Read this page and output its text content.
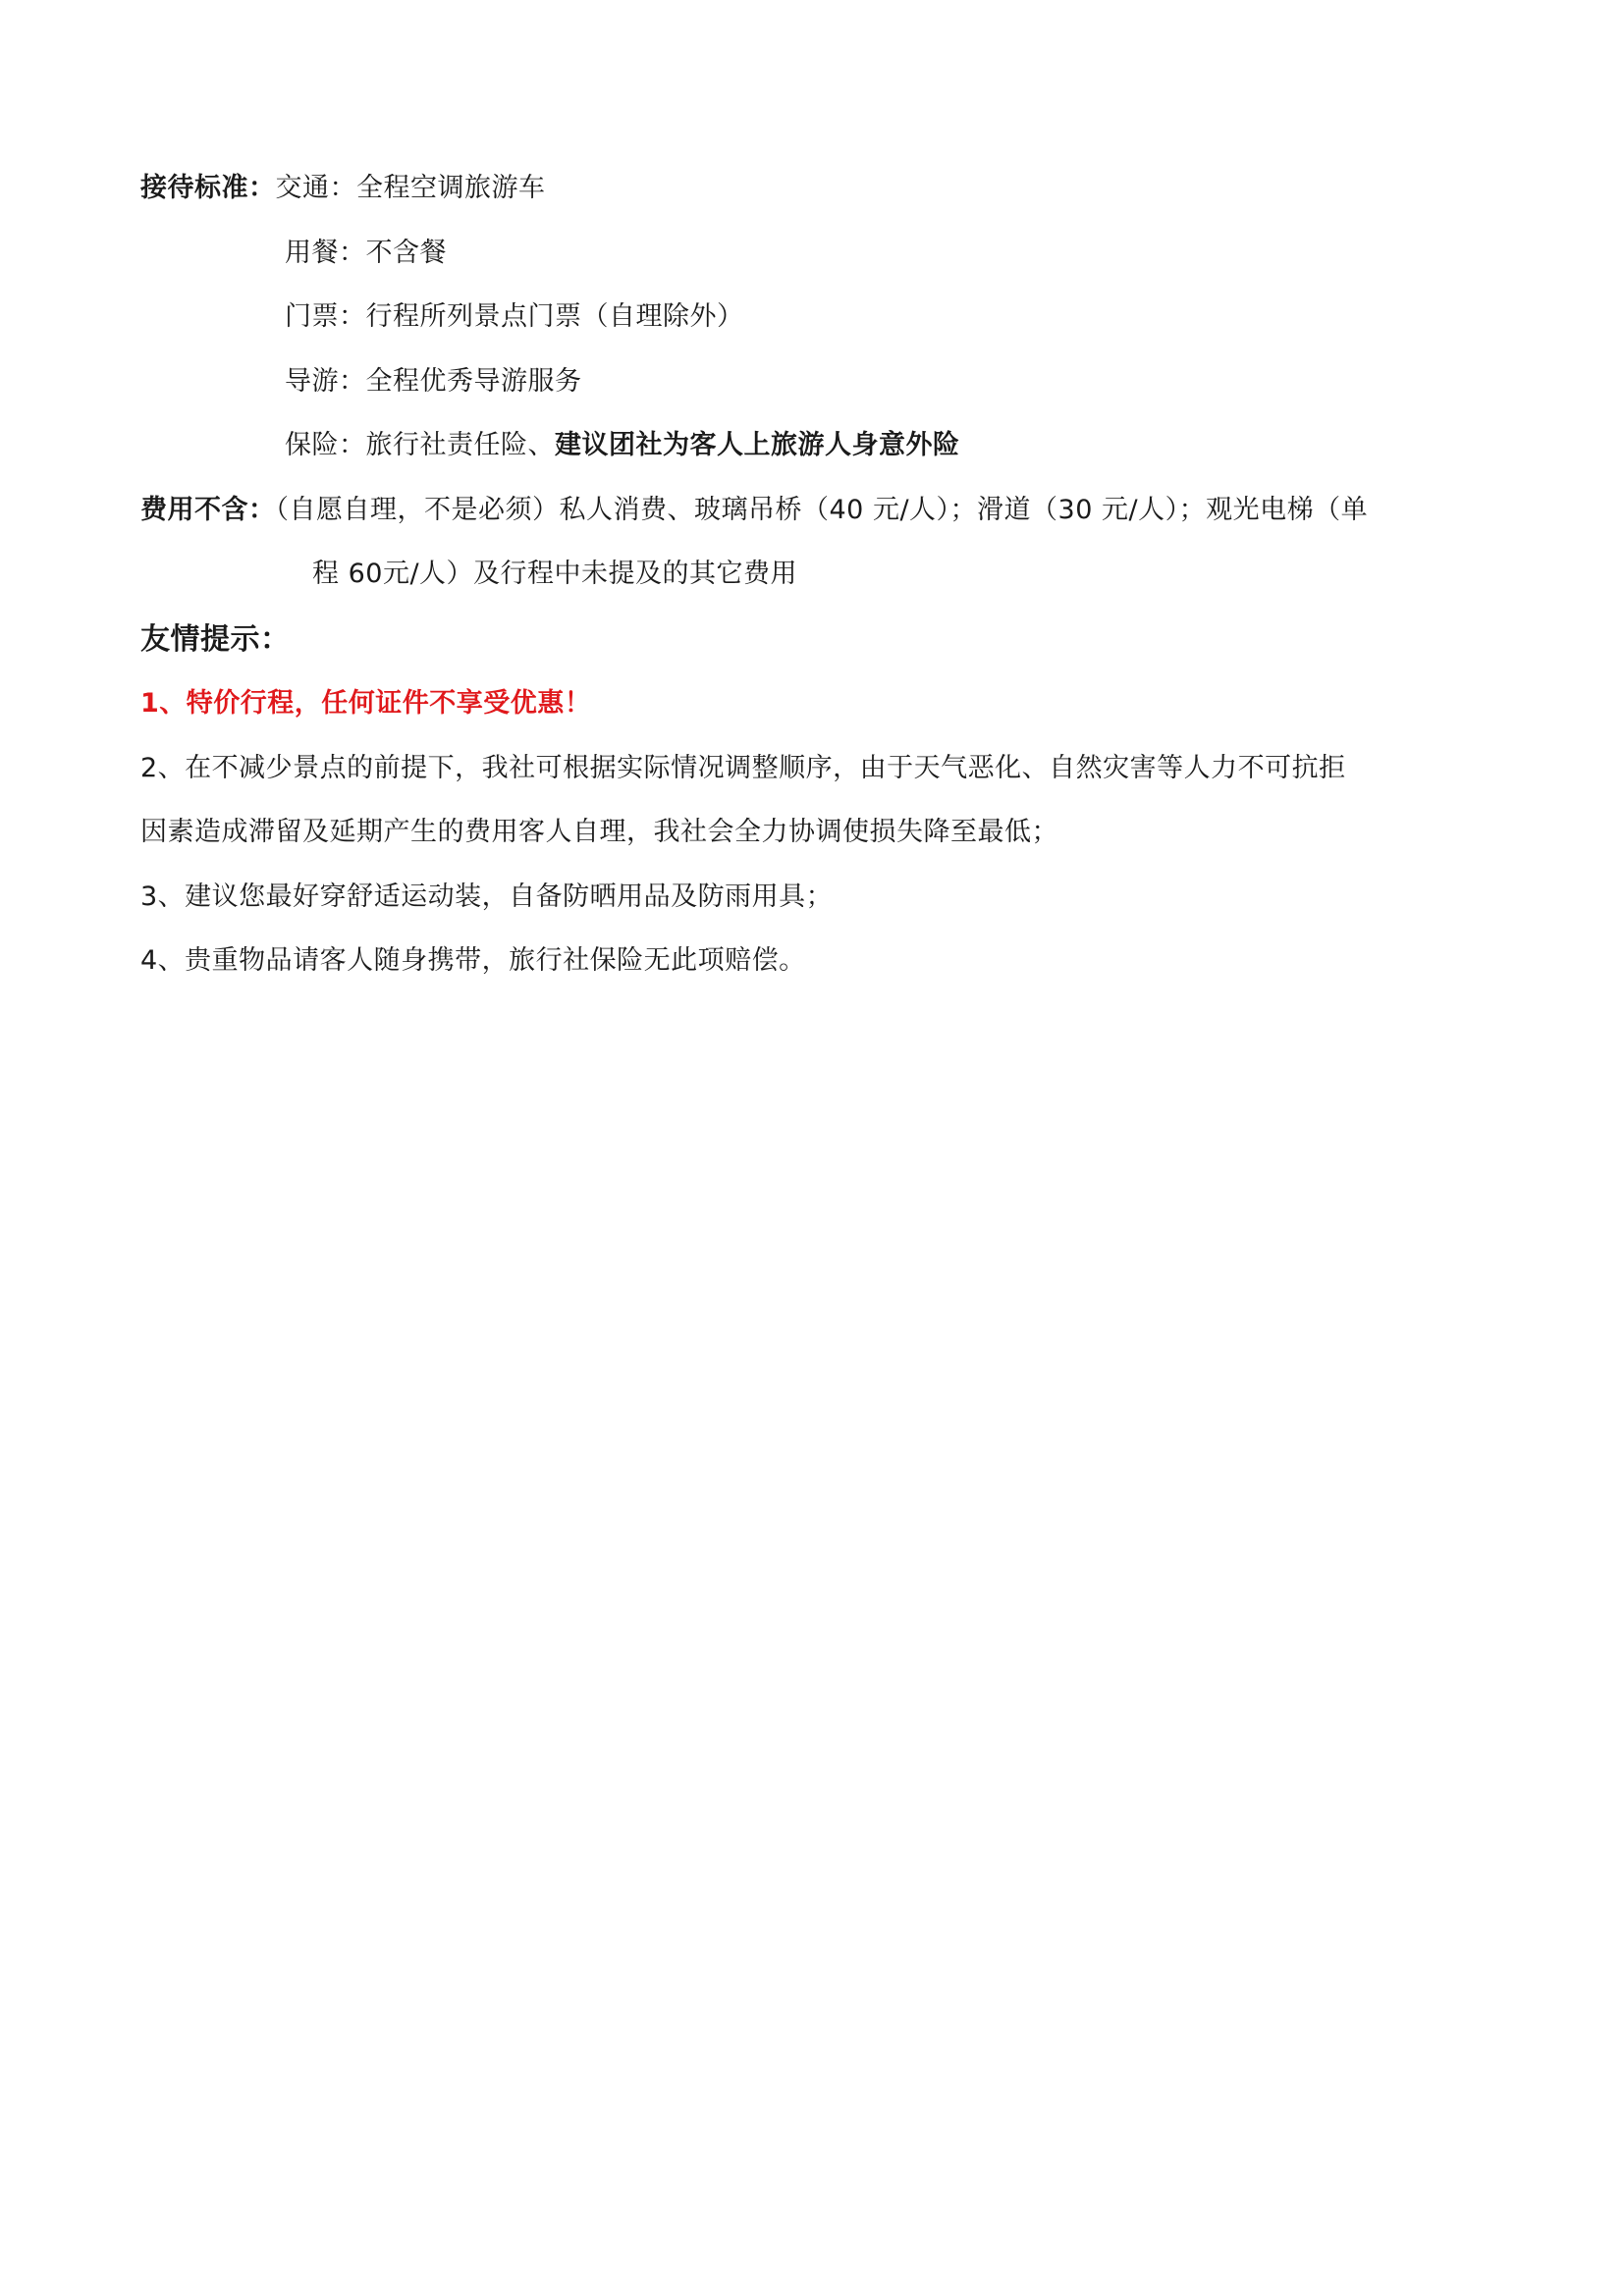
接待标准：交通：全程空调旅游车
用餐：不含餐
门票：行程所列景点门票（自理除外）
导游：全程优秀导游服务
保险：旅行社责任险、建议团社为客人上旅游人身意外险
费用不含：（自愿自理，不是必须）私人消费、玻璃吊桥（40 元/人）；滑道（30 元/人）；观光电梯（单
程 60元/人）及行程中未提及的其它费用
友情提示：
1、特价行程，任何证件不享受优惠！
2、在不减少景点的前提下，我社可根据实际情况调整顺序，由于天气恶化、自然灾害等人力不可抗拒
因素造成滞留及延期产生的费用客人自理，我社会全力协调使损失降至最低；
3、建议您最好穿舒适运动装，自备防晒用品及防雨用具；
4、贵重物品请客人随身携带，旅行社保险无此项赔偿。
